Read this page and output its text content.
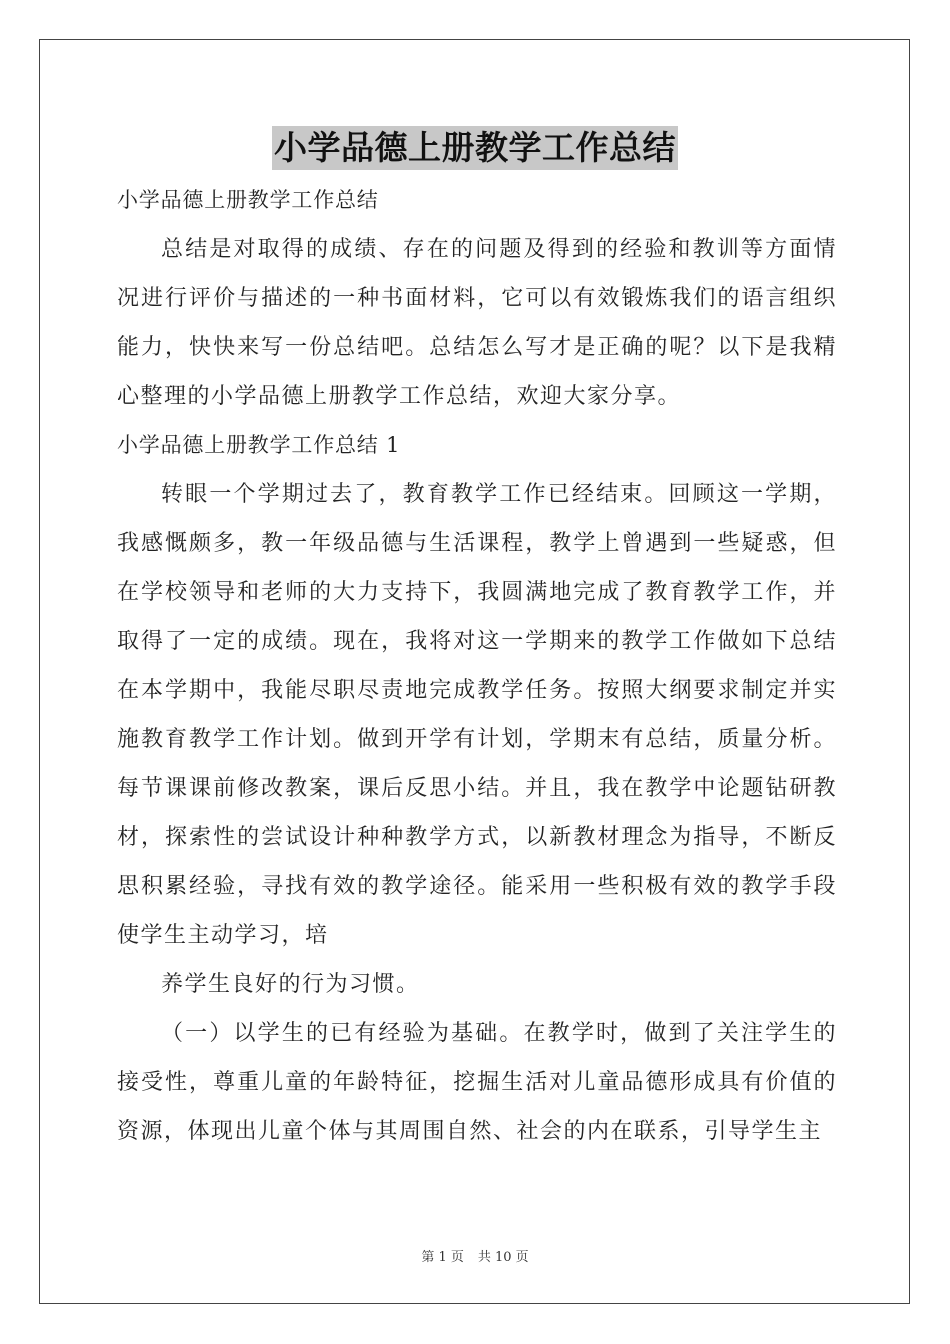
小学品德上册教学工作总结

小学品德上册教学工作总结

总结是对取得的成绩、存在的问题及得到的经验和教训等方面情况进行评价与描述的一种书面材料，它可以有效锻炼我们的语言组织能力，快快来写一份总结吧。总结怎么写才是正确的呢？以下是我精心整理的小学品德上册教学工作总结，欢迎大家分享。

小学品德上册教学工作总结 1

转眼一个学期过去了，教育教学工作已经结束。回顾这一学期，我感慨颇多，教一年级品德与生活课程，教学上曾遇到一些疑惑，但在学校领导和老师的大力支持下，我圆满地完成了教育教学工作，并取得了一定的成绩。现在，我将对这一学期来的教学工作做如下总结在本学期中，我能尽职尽责地完成教学任务。按照大纲要求制定并实施教育教学工作计划。做到开学有计划，学期末有总结，质量分析。每节课课前修改教案，课后反思小结。并且，我在教学中论题钻研教材，探索性的尝试设计种种教学方式，以新教材理念为指导，不断反思积累经验，寻找有效的教学途径。能采用一些积极有效的教学手段使学生主动学习，培

养学生良好的行为习惯。

（一）以学生的已有经验为基础。在教学时，做到了关注学生的接受性，尊重儿童的年龄特征，挖掘生活对儿童品德形成具有价值的资源，体现出儿童个体与其周围自然、社会的内在联系，引导学生主

第 1 页 共 10 页
